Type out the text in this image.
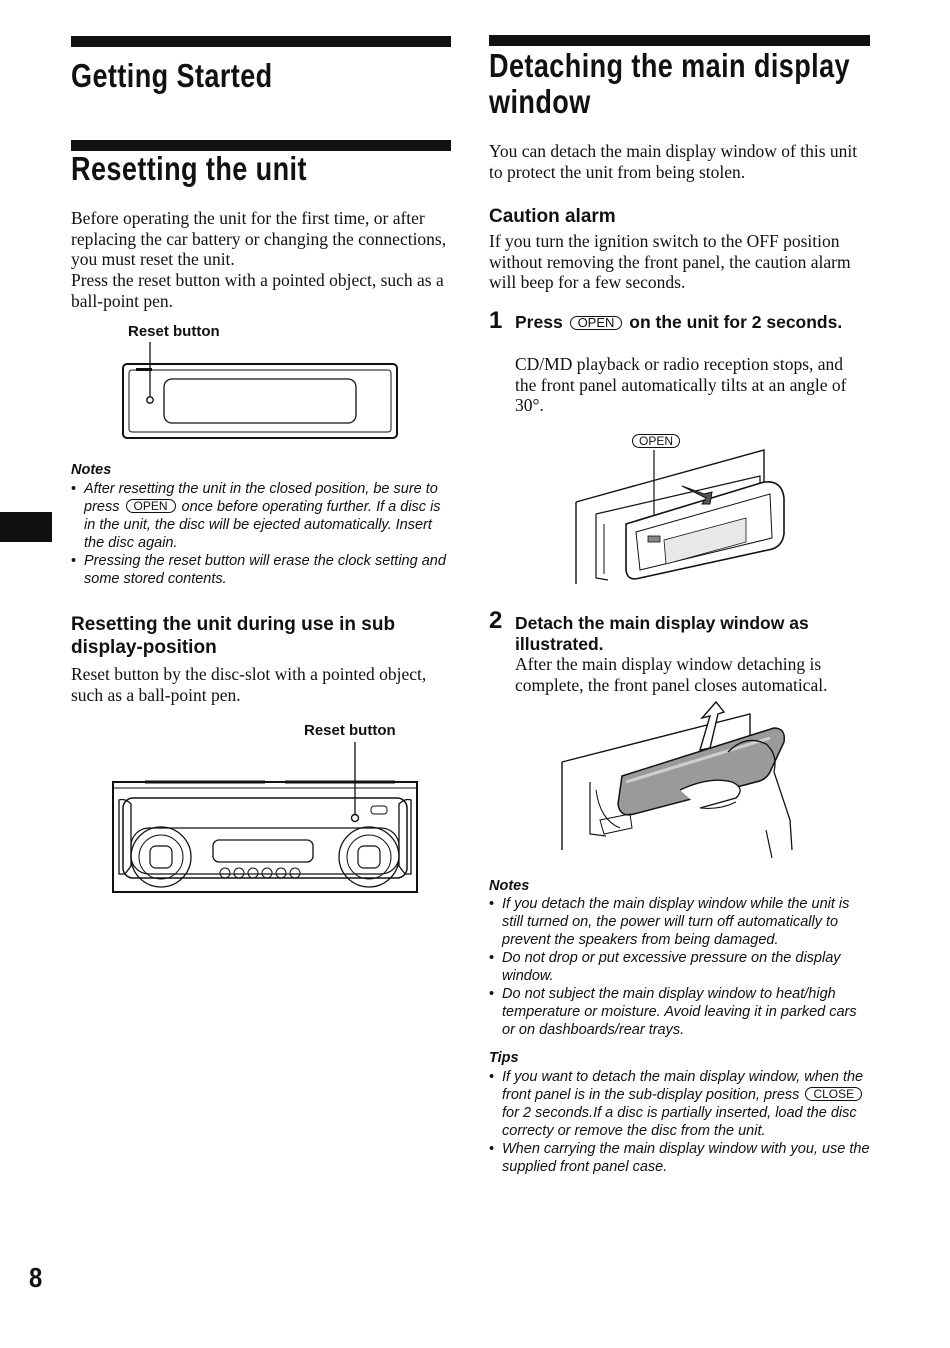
Getting Started
Resetting the unit

Before operating the unit for the first time, or after replacing the car battery or changing the connections, you must reset the unit.
Press the reset button with a pointed object, such as a ball-point pen.

Reset button
Notes
• After resetting the unit in the closed position, be sure to press OPEN once before operating further. If a disc is in the unit, the disc will be ejected automatically. Insert the disc again.
• Pressing the reset button will erase the clock setting and some stored contents.
Resetting the unit during use in sub display-position

Reset button by the disc-slot with a pointed object, such as a ball-point pen.

Reset button
Detaching the main display window

You can detach the main display window of this unit to protect the unit from being stolen.

Caution alarm

If you turn the ignition switch to the OFF position without removing the front panel, the caution alarm will beep for a few seconds.

1 Press OPEN on the unit for 2 seconds.

CD/MD playback or radio reception stops, and the front panel automatically tilts at an angle of 30°.

OPEN
2 Detach the main display window as illustrated.

After the main display window detaching is complete, the front panel closes automatical.

Notes
• If you detach the main display window while the unit is still turned on, the power will turn off automatically to prevent the speakers from being damaged.
• Do not drop or put excessive pressure on the display window.
• Do not subject the main display window to heat/high temperature or moisture. Avoid leaving it in parked cars or on dashboards/rear trays.
Tips
• If you want to detach the main display window, when the front panel is in the sub-display position, press CLOSE for 2 seconds.If a disc is partially inserted, load the disc correcty or remove the disc from the unit.
• When carrying the main display window with you, use the supplied front panel case.
8
